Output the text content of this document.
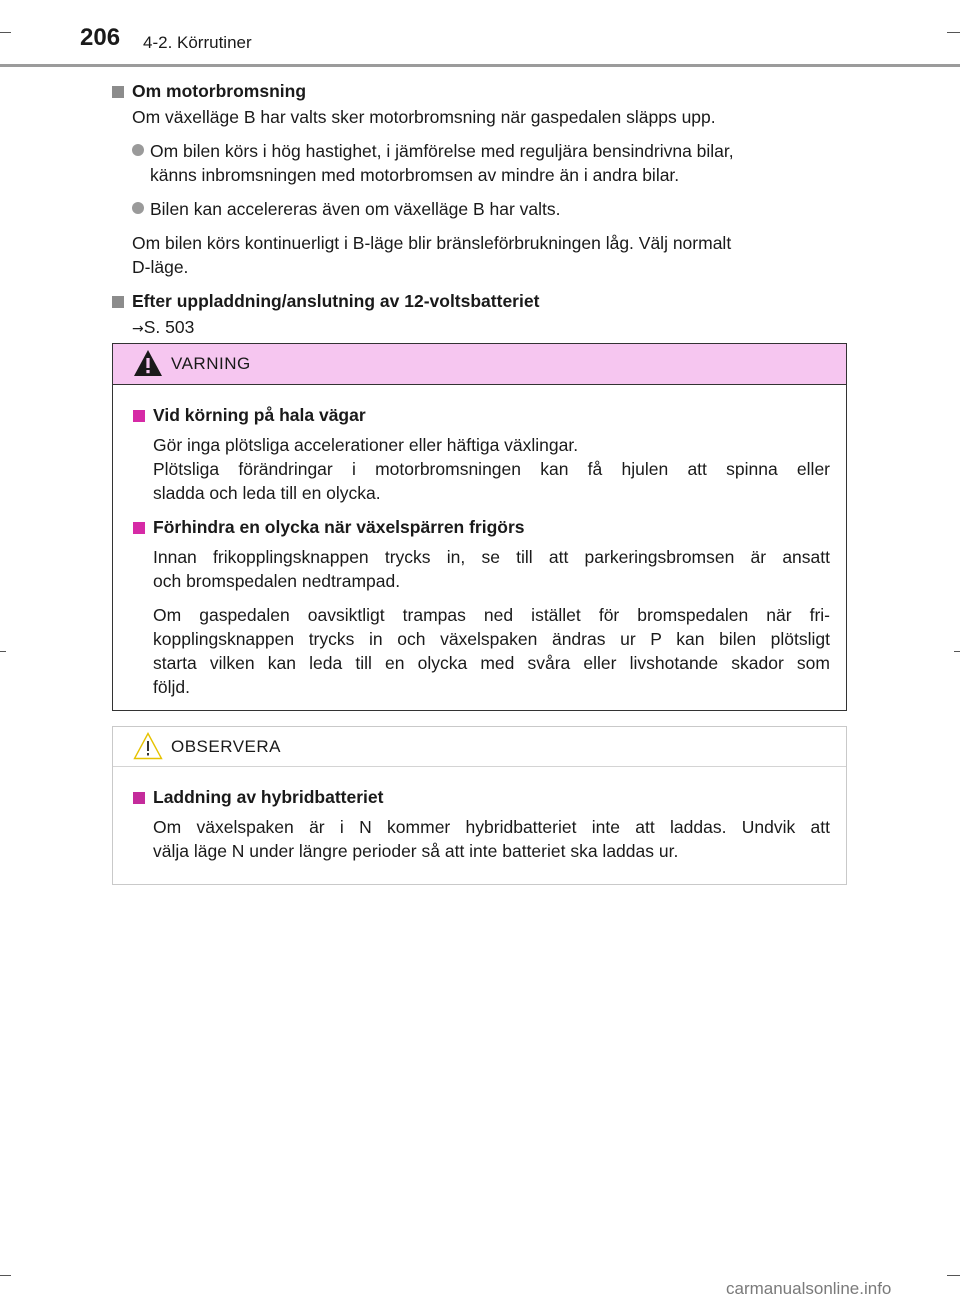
206 4-2. Körrutiner
Om motorbromsning
Om växelläge B har valts sker motorbromsning när gaspedalen släpps upp.
Om bilen körs i hög hastighet, i jämförelse med reguljära bensindrivna bilar,
känns inbromsningen med motorbromsen av mindre än i andra bilar.
Bilen kan accelereras även om växelläge B har valts.
Om bilen körs kontinuerligt i B-läge blir bränsleförbrukningen låg. Välj normalt
D-läge.
Efter uppladdning/anslutning av 12-voltsbatteriet
→S. 503
VARNING
Vid körning på hala vägar
Gör inga plötsliga accelerationer eller häftiga växlingar.
Plötsliga förändringar i motorbromsningen kan få hjulen att spinna eller
sladda och leda till en olycka.
Förhindra en olycka när växelspärren frigörs
Innan frikopplingsknappen trycks in, se till att parkeringsbromsen är ansatt
och bromspedalen nedtrampad.
Om gaspedalen oavsiktligt trampas ned istället för bromspedalen när fri-
kopplingsknappen trycks in och växelspaken ändras ur P kan bilen plötsligt
starta vilken kan leda till en olycka med svåra eller livshotande skador som
följd.
OBSERVERA
Laddning av hybridbatteriet
Om växelspaken är i N kommer hybridbatteriet inte att laddas. Undvik att
välja läge N under längre perioder så att inte batteriet ska laddas ur.
carmanualsonline.info
